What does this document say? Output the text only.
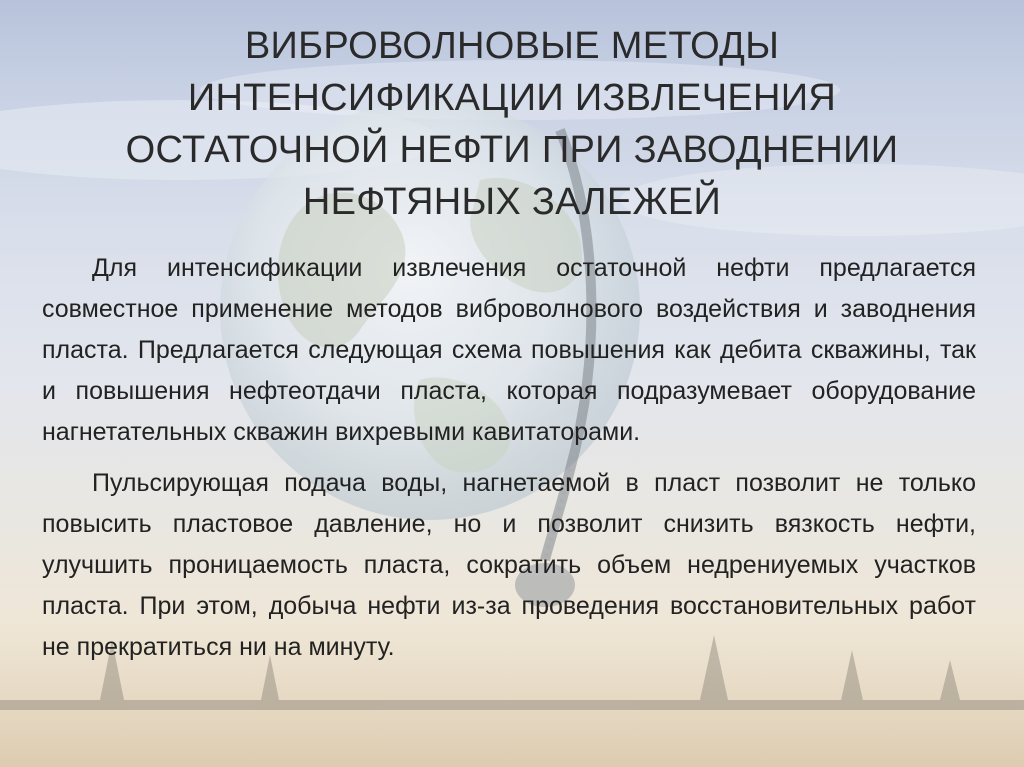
ВИБРОВОЛНОВЫЕ МЕТОДЫ ИНТЕНСИФИКАЦИИ ИЗВЛЕЧЕНИЯ ОСТАТОЧНОЙ НЕФТИ ПРИ ЗАВОДНЕНИИ НЕФТЯНЫХ ЗАЛЕЖЕЙ

Для интенсификации извлечения остаточной нефти предлагается совместное применение методов виброволнового воздействия и заводнения пласта. Предлагается следующая схема повышения как дебита скважины, так и повышения нефтеотдачи пласта, которая подразумевает оборудование нагнетательных скважин вихревыми кавитаторами.

Пульсирующая подача воды, нагнетаемой в пласт позволит не только повысить пластовое давление, но и позволит снизить вязкость нефти, улучшить проницаемость пласта, сократить объем недрениуемых участков пласта. При этом, добыча нефти из-за проведения восстановительных работ не прекратиться ни на минуту.
